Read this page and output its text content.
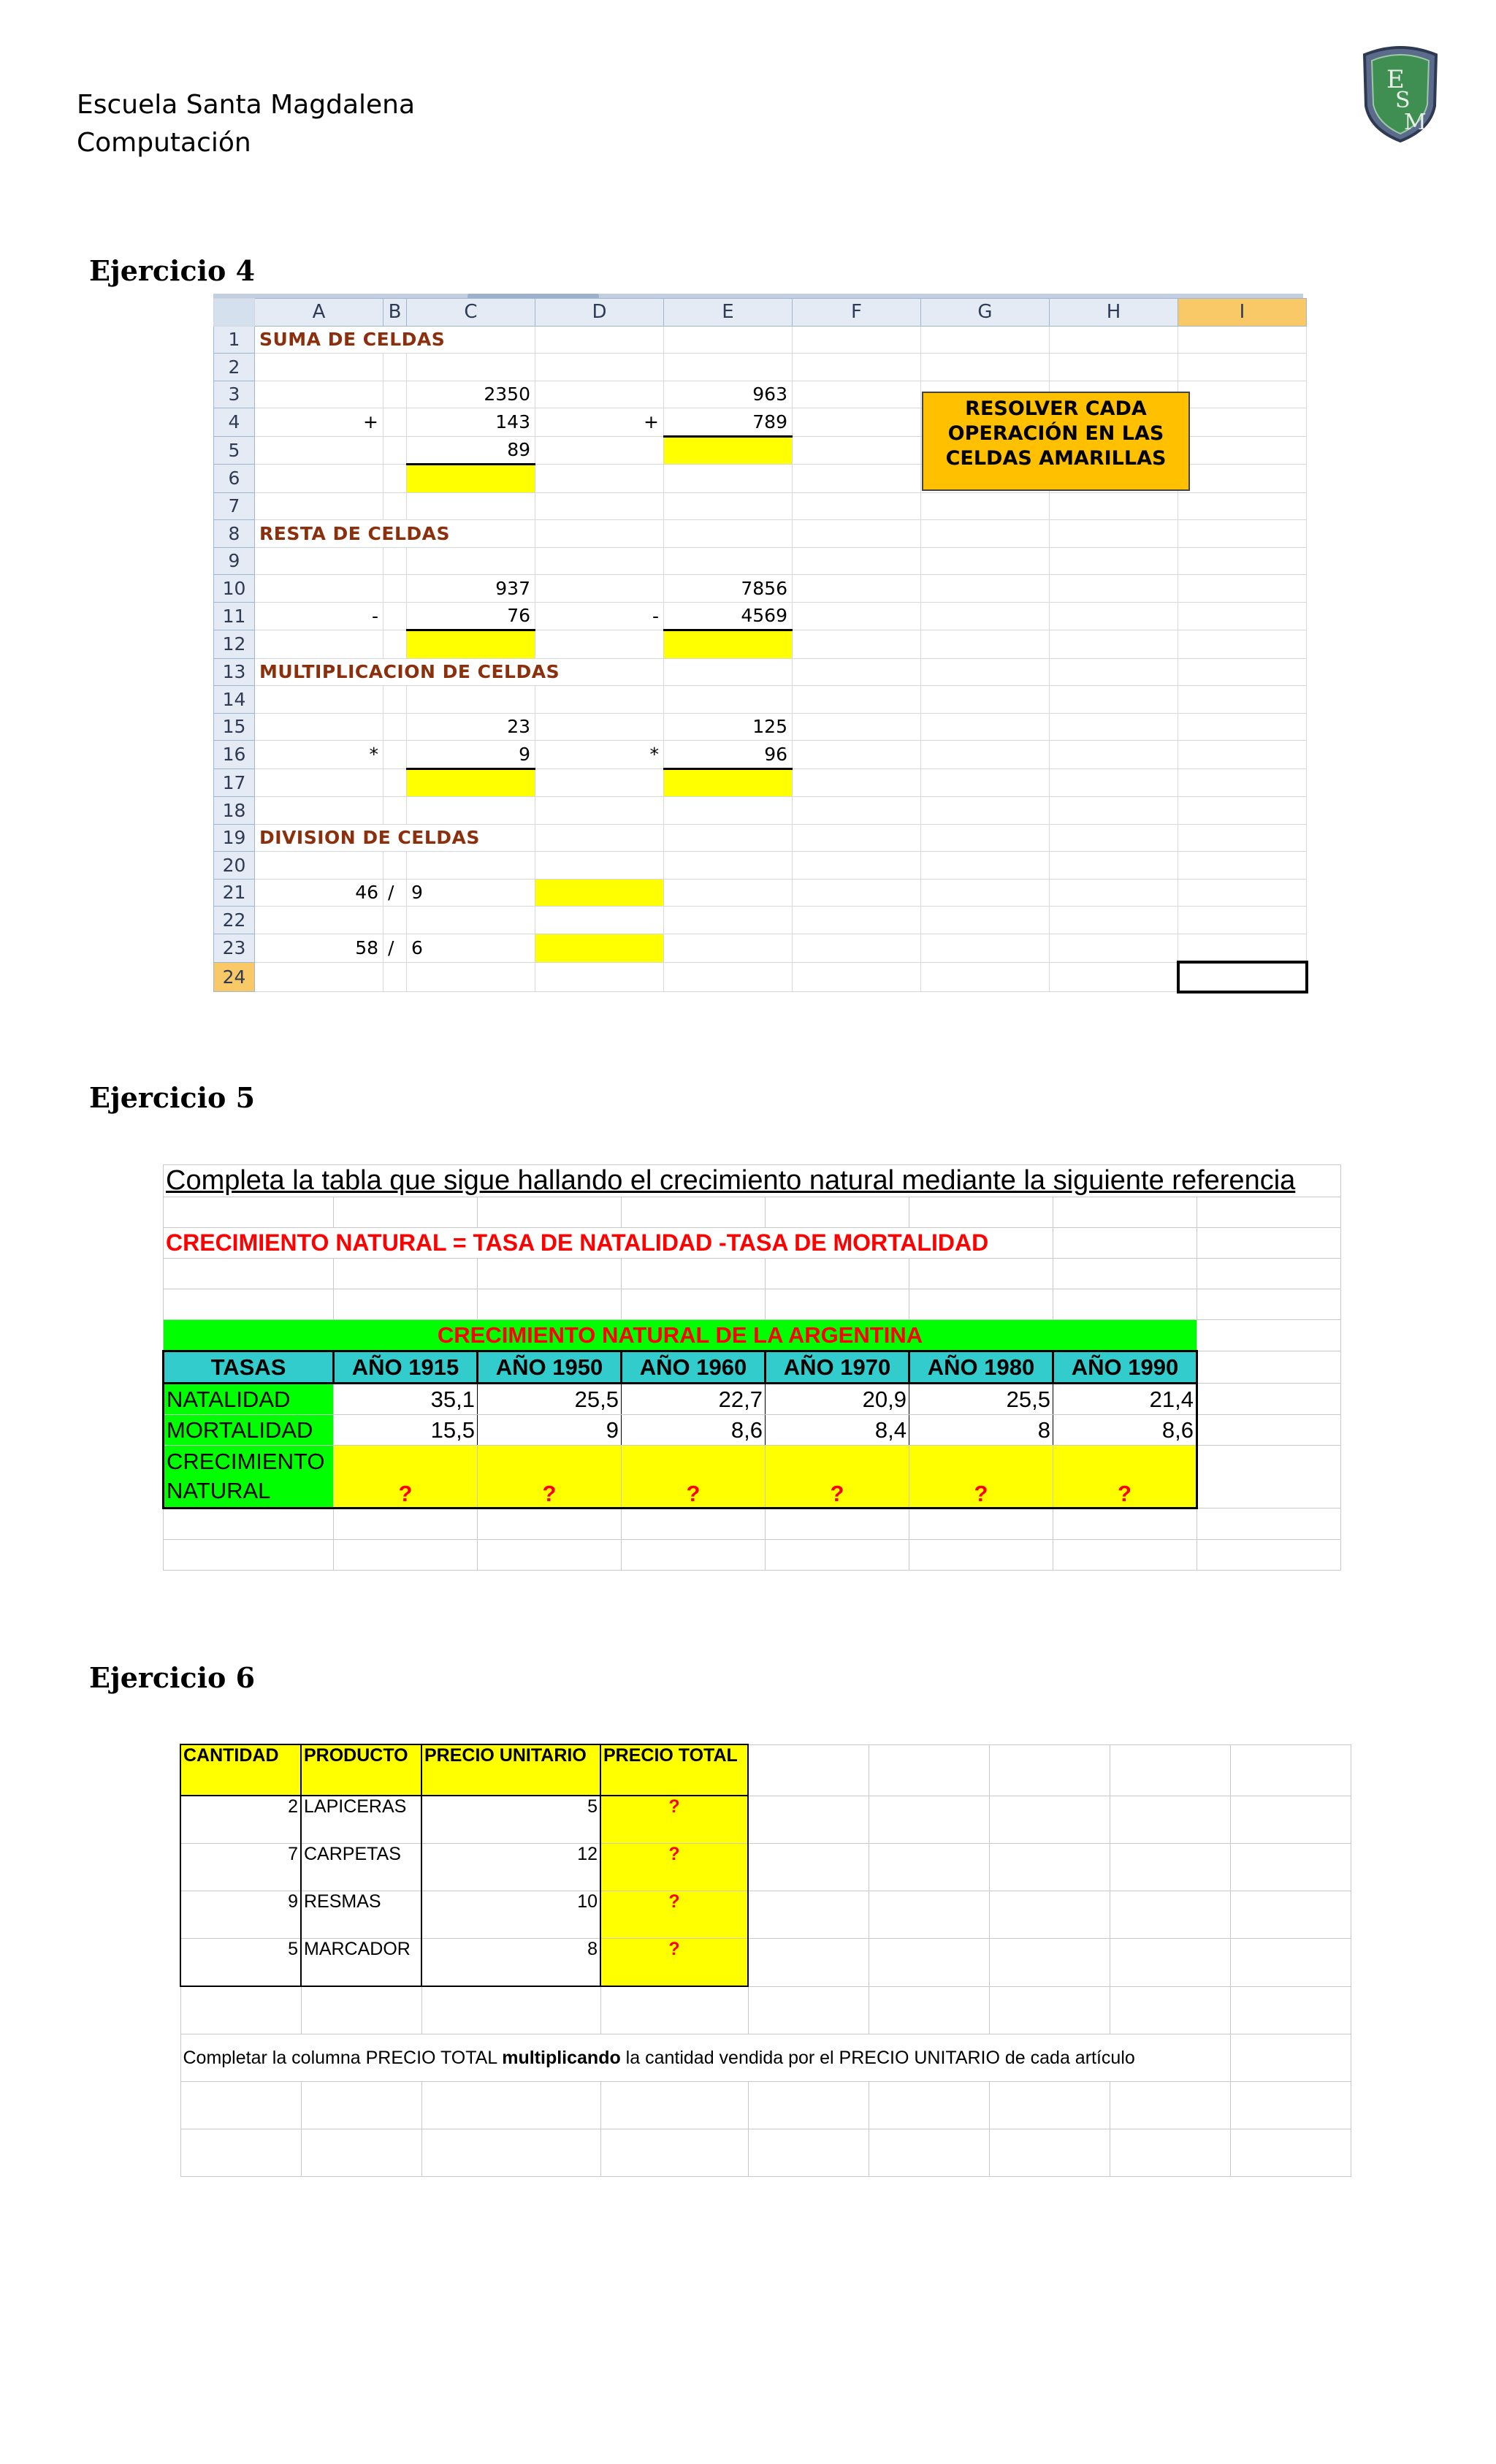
Escuela Santa Magdalena
Computación
E
S
M
Ejercicio 4
	A	B	C	D	E	F	G	H	I
1	SUMA DE CELDAS								
2									
3			2350		963				
4	+		143	+	789				
5			89						
6									
7									
8	RESTA DE CELDAS								
9									
10			937		7856				
11	-		76	-	4569				
12									
13	MULTIPLICACION DE CELDAS								
14									
15			23		125				
16	*		9	*	96				
17									
18									
19	DIVISION DE CELDAS								
20									
21	46	/	9						
22									
23	58	/	6						
24									
RESOLVER CADA
OPERACIÓN EN LAS
CELDAS AMARILLAS
Ejercicio 5
Completa la tabla que sigue hallando el crecimiento natural mediante la siguiente referencia							

CRECIMIENTO NATURAL = TASA DE NATALIDAD -TASA DE MORTALIDAD							

CRECIMIENTO NATURAL DE LA ARGENTINA							
TASAS	AÑO 1915	AÑO 1950	AÑO 1960	AÑO 1970	AÑO 1980	AÑO 1990	
NATALIDAD	35,1	25,5	22,7	20,9	25,5	21,4	
MORTALIDAD	15,5	9	8,6	8,4	8	8,6	

CRECIMIENTO
NATURAL	?	?	?	?	?	?	

Ejercicio 6
CANTIDAD	PRODUCTO	PRECIO UNITARIO	PRECIO TOTAL					
2	LAPICERAS	5	?					
7	CARPETAS	12	?					
9	RESMAS	10	?					
5	MARCADOR	8	?					

Completar la columna PRECIO TOTAL multiplicando la cantidad vendida por el PRECIO UNITARIO de cada artículo								
